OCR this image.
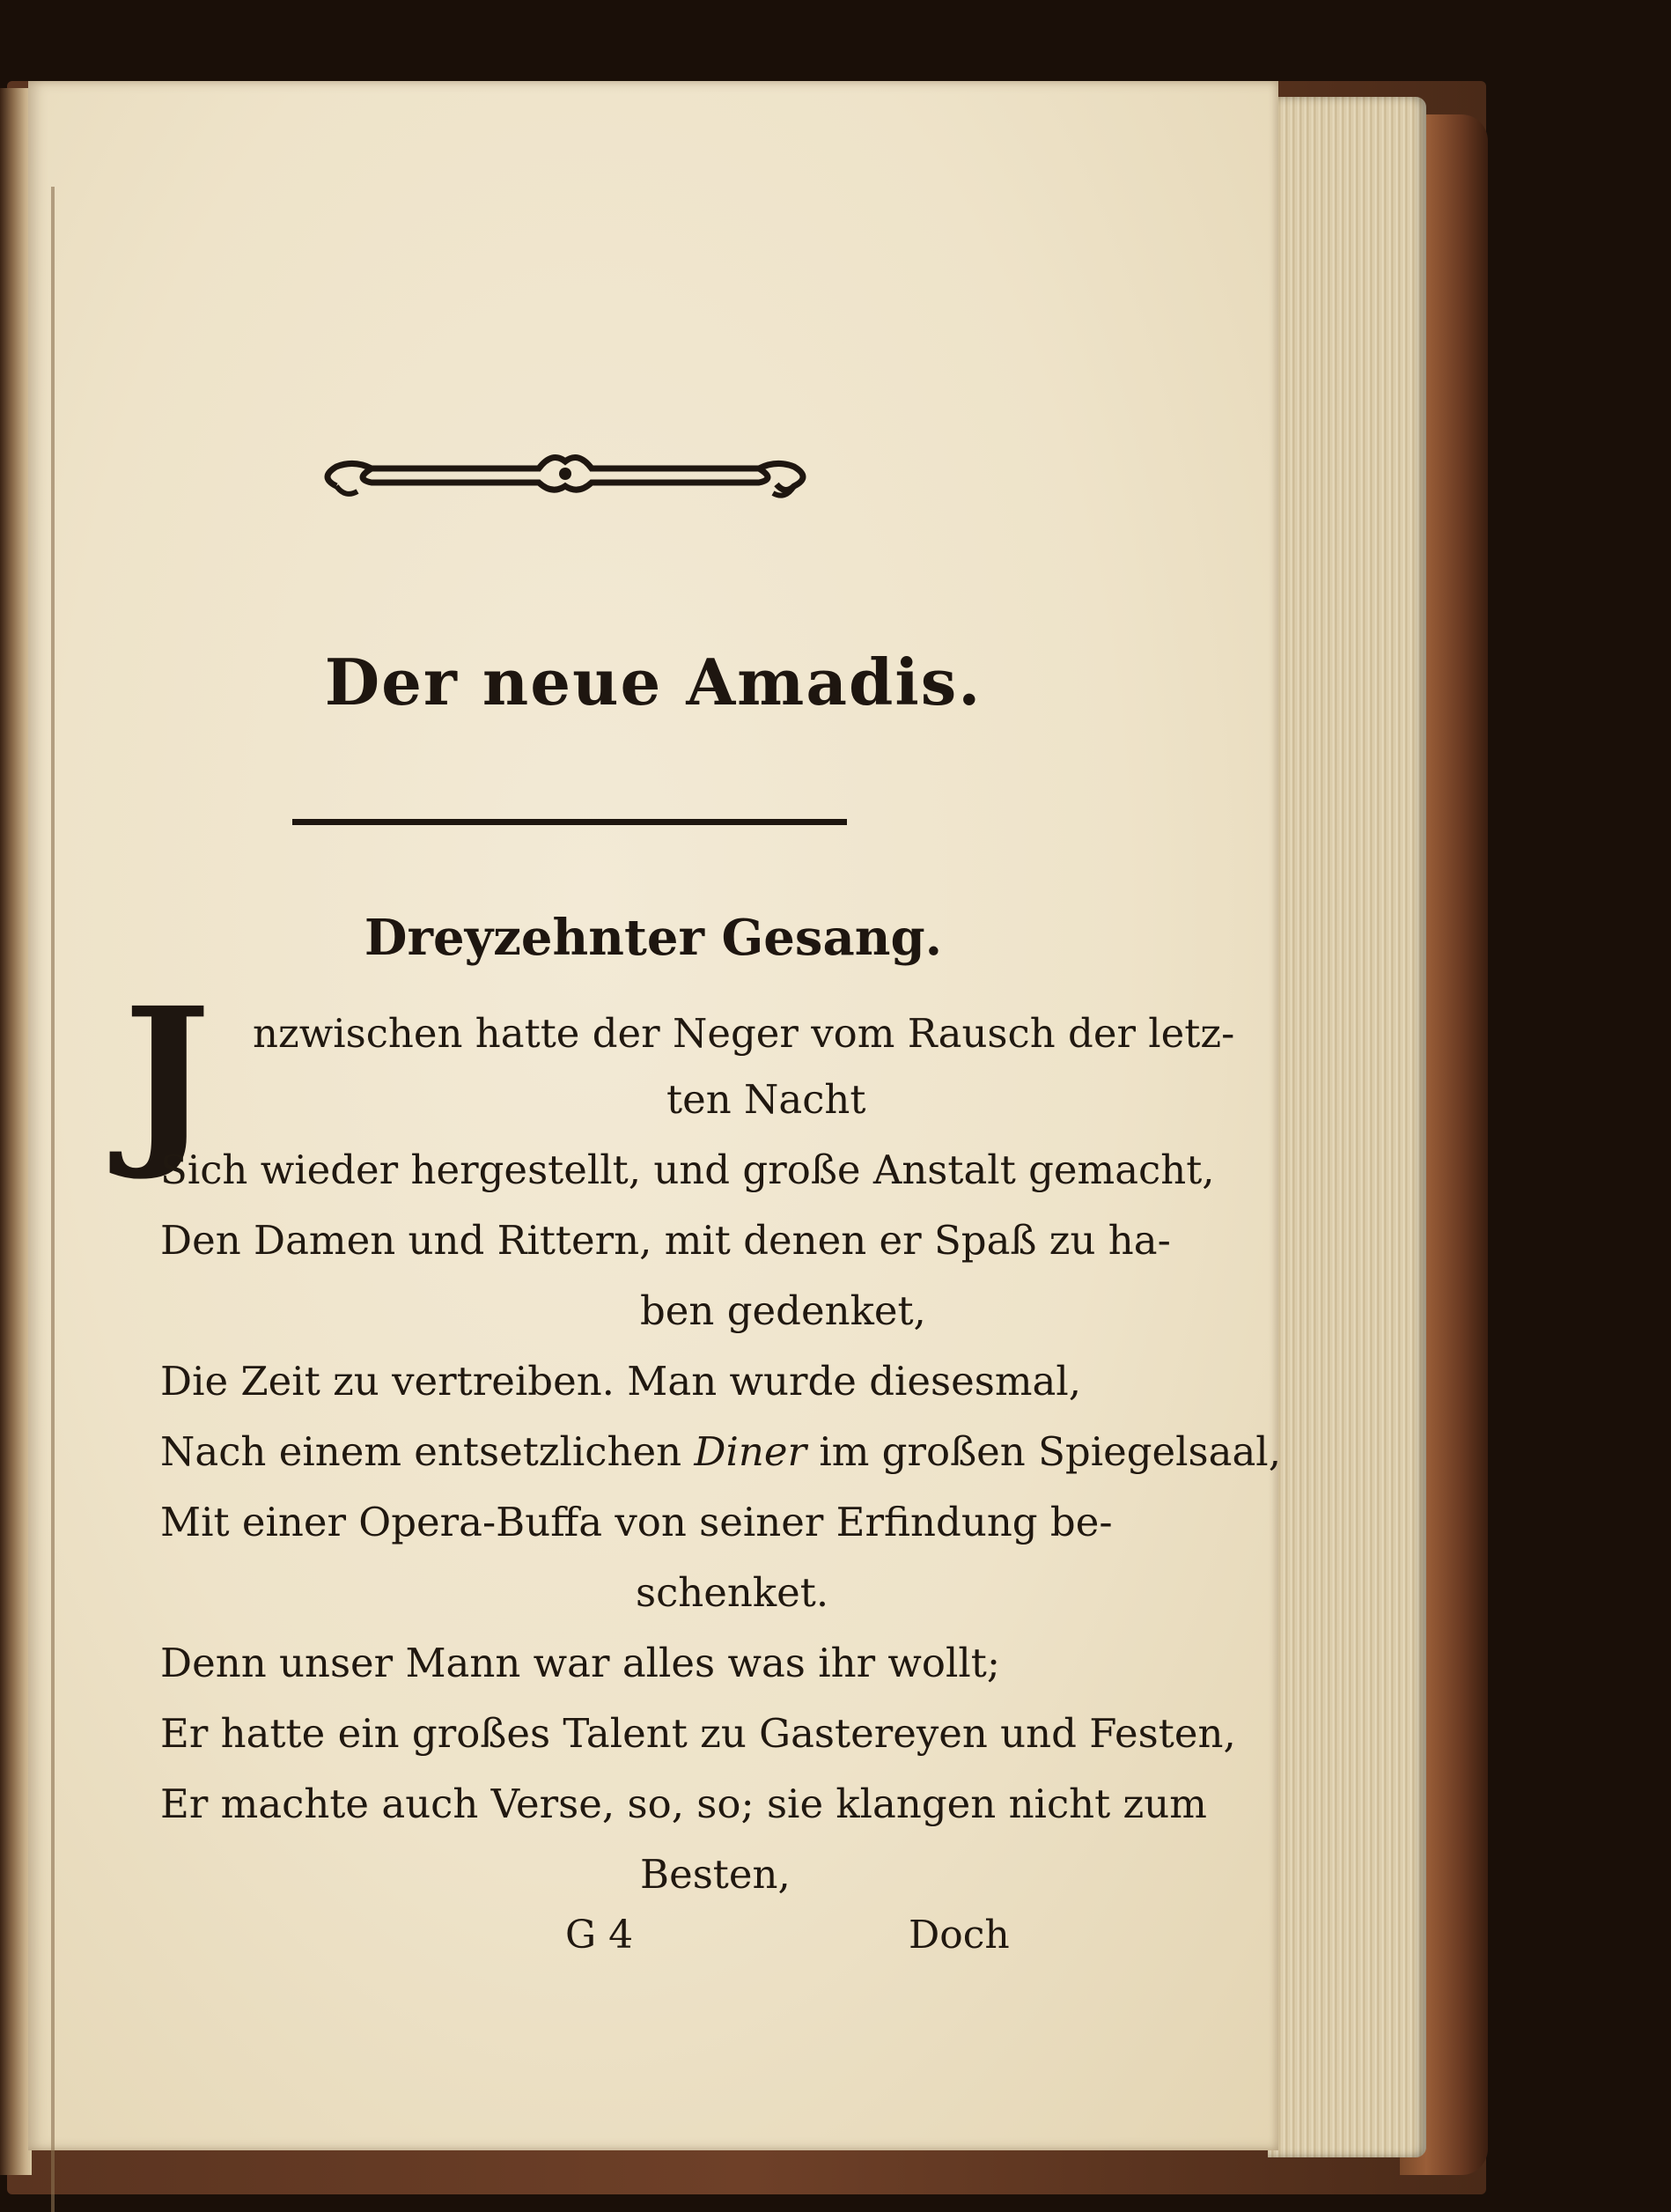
Der neue Amadis.
Dreyzehnter Gesang.
J nzwischen hatte der Neger vom Rausch der letz-
ten Nacht
Sich wieder hergestellt, und große Anstalt gemacht,
Den Damen und Rittern, mit denen er Spaß zu ha-
ben gedenket,
Die Zeit zu vertreiben. Man wurde diesesmal,
Nach einem entsetzlichen Diner im großen Spiegelsaal,
Mit einer Opera-Buffa von seiner Erfindung be-
schenket.
Denn unser Mann war alles was ihr wollt;
Er hatte ein großes Talent zu Gastereyen und Festen,
Er machte auch Verse, so, so; sie klangen nicht zum
Besten,
G 4	Doch
